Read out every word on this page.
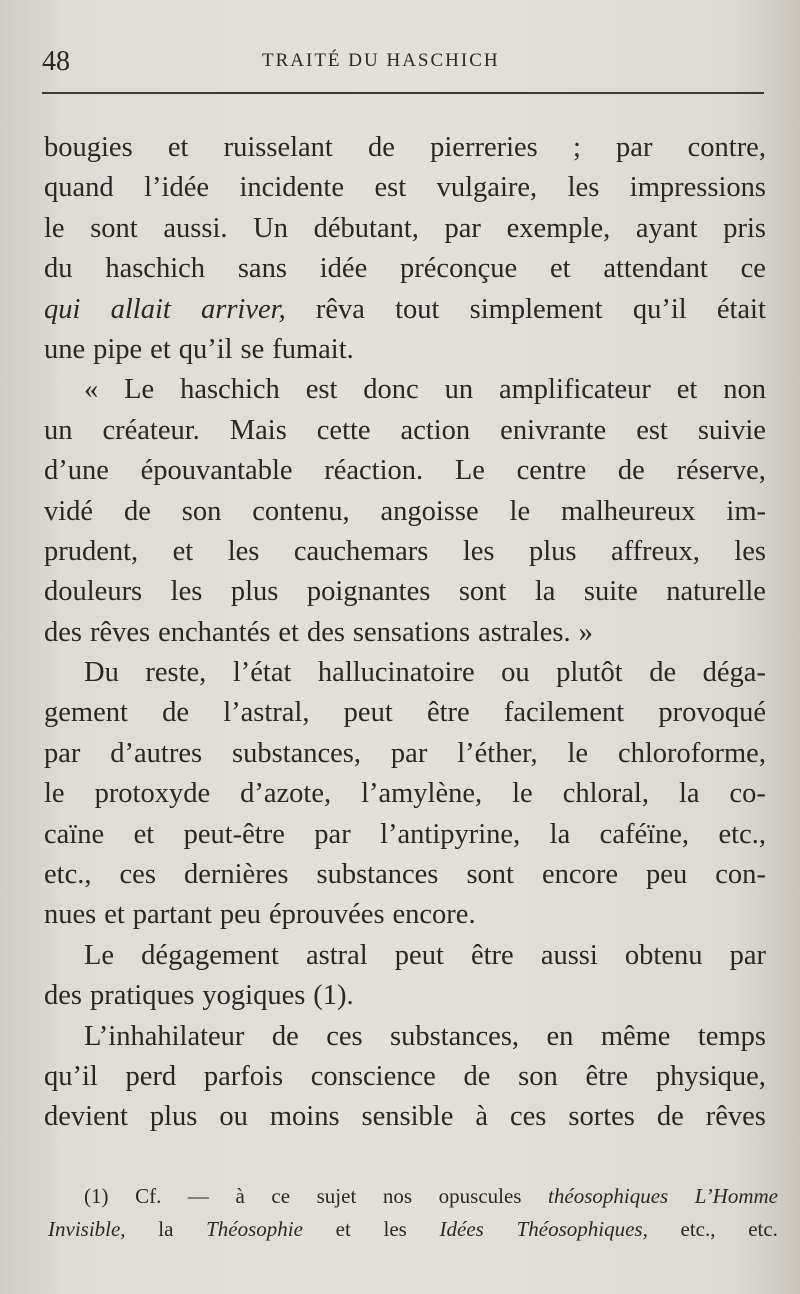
48	TRAITÉ DU HASCHICH
bougies et ruisselant de pierreries ; par contre,
quand l’idée incidente est vulgaire, les impressions
le sont aussi. Un débutant, par exemple, ayant pris
du haschich sans idée préconçue et attendant ce
qui allait arriver, rêva tout simplement qu’il était
une pipe et qu’il se fumait.
« Le haschich est donc un amplificateur et non
un créateur. Mais cette action enivrante est suivie
d’une épouvantable réaction. Le centre de réserve,
vidé de son contenu, angoisse le malheureux im-
prudent, et les cauchemars les plus affreux, les
douleurs les plus poignantes sont la suite naturelle
des rêves enchantés et des sensations astrales. »
Du reste, l’état hallucinatoire ou plutôt de déga-
gement de l’astral, peut être facilement provoqué
par d’autres substances, par l’éther, le chloroforme,
le protoxyde d’azote, l’amylène, le chloral, la co-
caïne et peut-être par l’antipyrine, la caféïne, etc.,
etc., ces dernières substances sont encore peu con-
nues et partant peu éprouvées encore.
Le dégagement astral peut être aussi obtenu par
des pratiques yogiques (1).
L’inhahilateur de ces substances, en même temps
qu’il perd parfois conscience de son être physique,
devient plus ou moins sensible à ces sortes de rêves
(1) Cf. — à ce sujet nos opuscules théosophiques L’Homme
Invisible, la Théosophie et les Idées Théosophiques, etc., etc.
